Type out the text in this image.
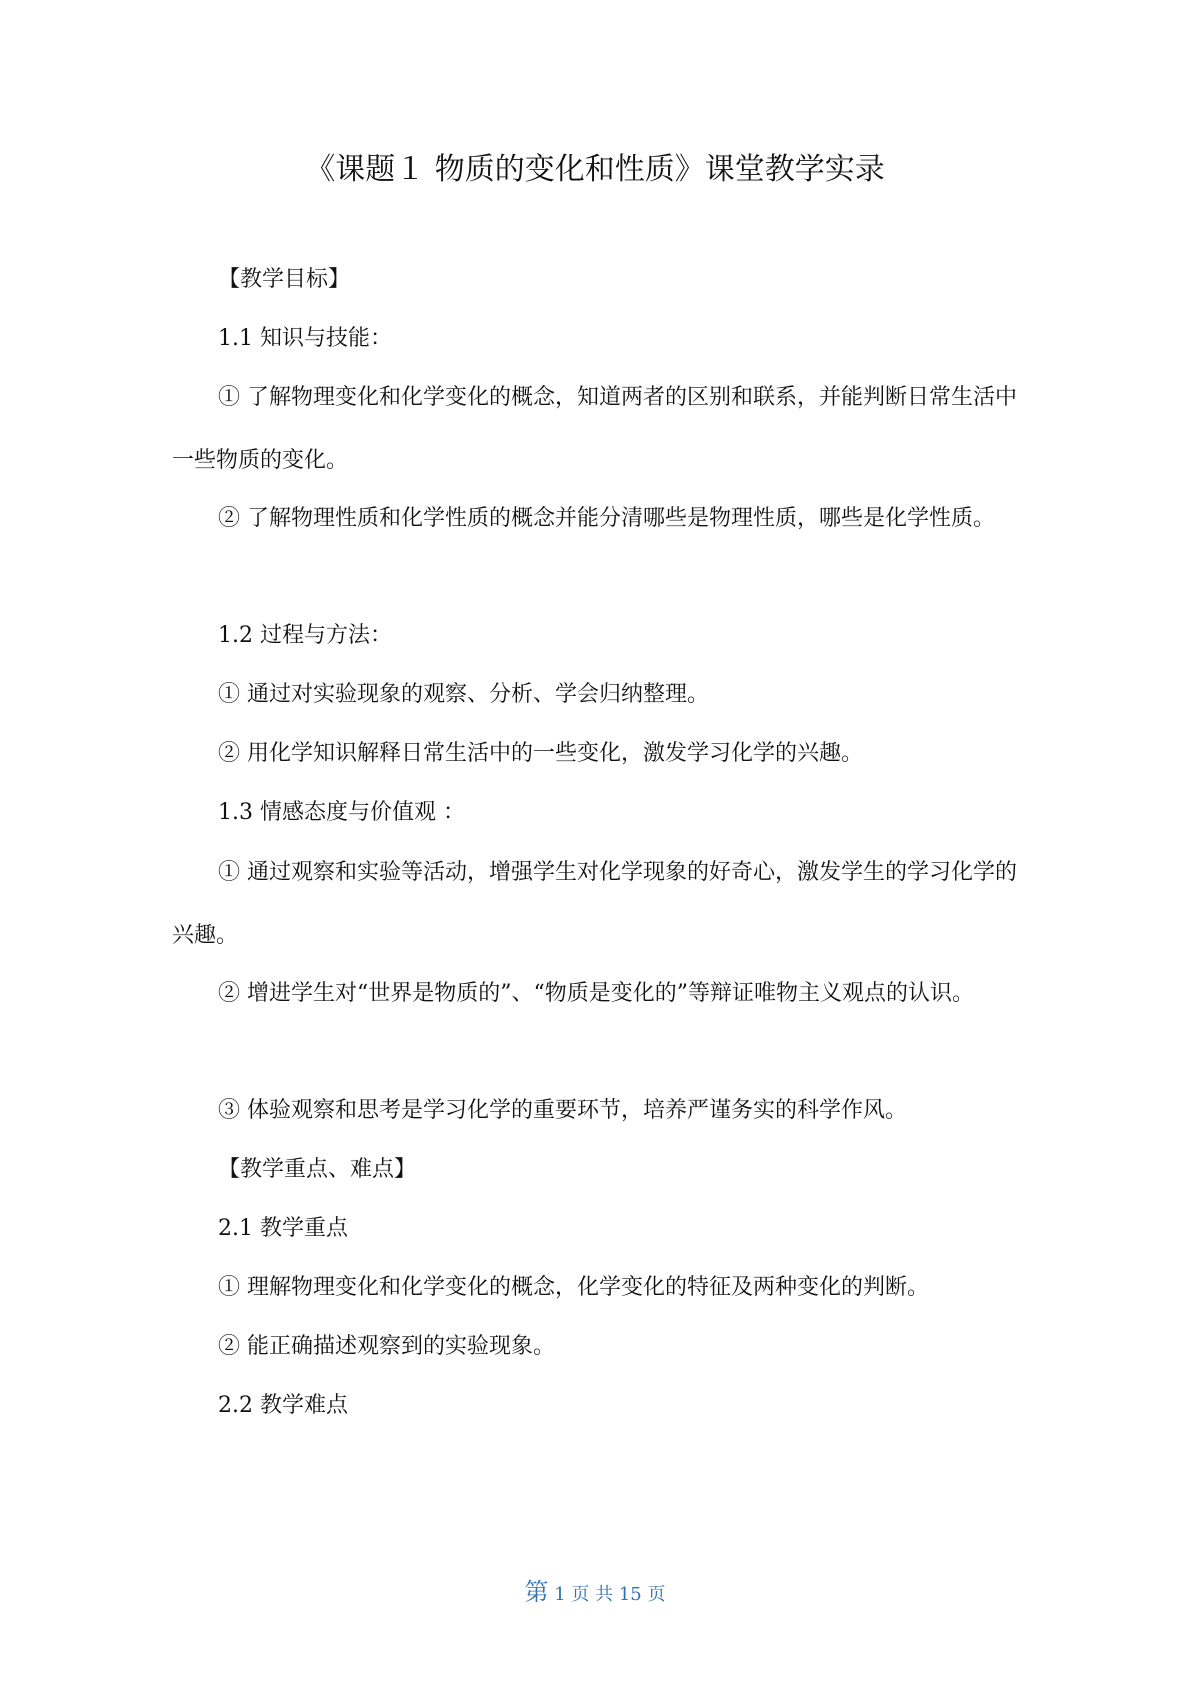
《课题１ 物质的变化和性质》课堂教学实录

【教学目标】

1.1 知识与技能：

① 了解物理变化和化学变化的概念，知道两者的区别和联系，并能判断日常生活中一些物质的变化。

② 了解物理性质和化学性质的概念并能分清哪些是物理性质，哪些是化学性质。

1.2 过程与方法：

① 通过对实验现象的观察、分析、学会归纳整理。

② 用化学知识解释日常生活中的一些变化，激发学习化学的兴趣。

1.3 情感态度与价值观 ：

① 通过观察和实验等活动，增强学生对化学现象的好奇心，激发学生的学习化学的兴趣。

② 增进学生对“世界是物质的”、“物质是变化的”等辩证唯物主义观点的认识。

③ 体验观察和思考是学习化学的重要环节，培养严谨务实的科学作风。

【教学重点、难点】

2.1 教学重点

① 理解物理变化和化学变化的概念，化学变化的特征及两种变化的判断。

② 能正确描述观察到的实验现象。

2.2 教学难点

第 1 页 共 15 页
